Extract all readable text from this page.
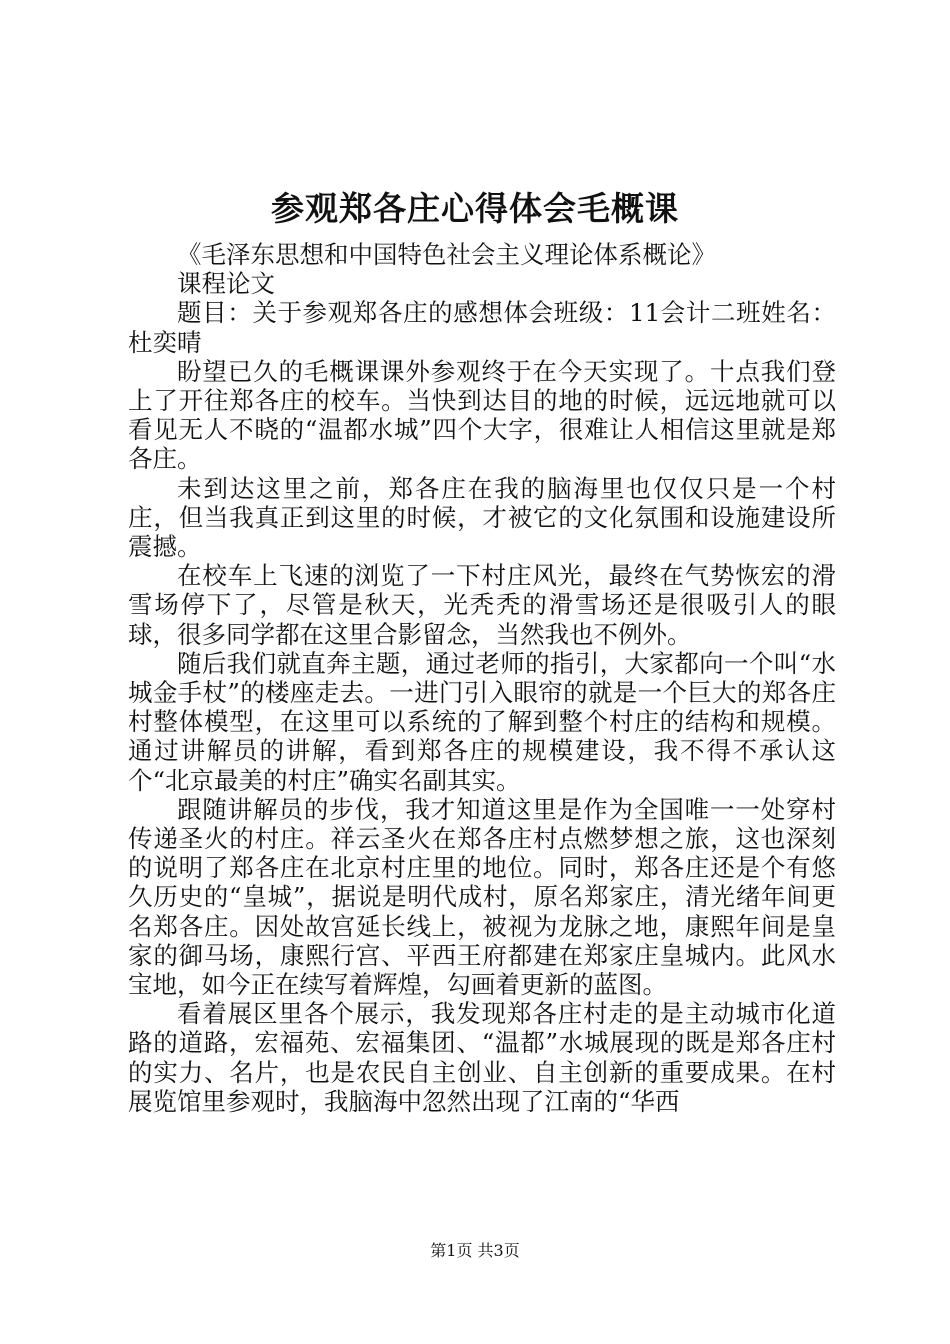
参观郑各庄心得体会毛概课

《毛泽东思想和中国特色社会主义理论体系概论》

课程论文

题目：关于参观郑各庄的感想体会班级：11会计二班姓名：杜奕晴

盼望已久的毛概课课外参观终于在今天实现了。十点我们登上了开往郑各庄的校车。当快到达目的地的时候，远远地就可以看见无人不晓的“温都水城”四个大字，很难让人相信这里就是郑各庄。

未到达这里之前，郑各庄在我的脑海里也仅仅只是一个村庄，但当我真正到这里的时候，才被它的文化氛围和设施建设所震撼。

在校车上飞速的浏览了一下村庄风光，最终在气势恢宏的滑雪场停下了，尽管是秋天，光秃秃的滑雪场还是很吸引人的眼球，很多同学都在这里合影留念，当然我也不例外。

随后我们就直奔主题，通过老师的指引，大家都向一个叫“水城金手杖”的楼座走去。一进门引入眼帘的就是一个巨大的郑各庄村整体模型，在这里可以系统的了解到整个村庄的结构和规模。通过讲解员的讲解，看到郑各庄的规模建设，我不得不承认这个“北京最美的村庄”确实名副其实。

跟随讲解员的步伐，我才知道这里是作为全国唯一一处穿村传递圣火的村庄。祥云圣火在郑各庄村点燃梦想之旅，这也深刻的说明了郑各庄在北京村庄里的地位。同时，郑各庄还是个有悠久历史的“皇城”，据说是明代成村，原名郑家庄，清光绪年间更名郑各庄。因处故宫延长线上，被视为龙脉之地，康熙年间是皇家的御马场，康熙行宫、平西王府都建在郑家庄皇城内。此风水宝地，如今正在续写着辉煌，勾画着更新的蓝图。

看着展区里各个展示，我发现郑各庄村走的是主动城市化道路的道路，宏福苑、宏福集团、“温都”水城展现的既是郑各庄村的实力、名片，也是农民自主创业、自主创新的重要成果。在村展览馆里参观时，我脑海中忽然出现了江南的“华西

第1页 共3页
